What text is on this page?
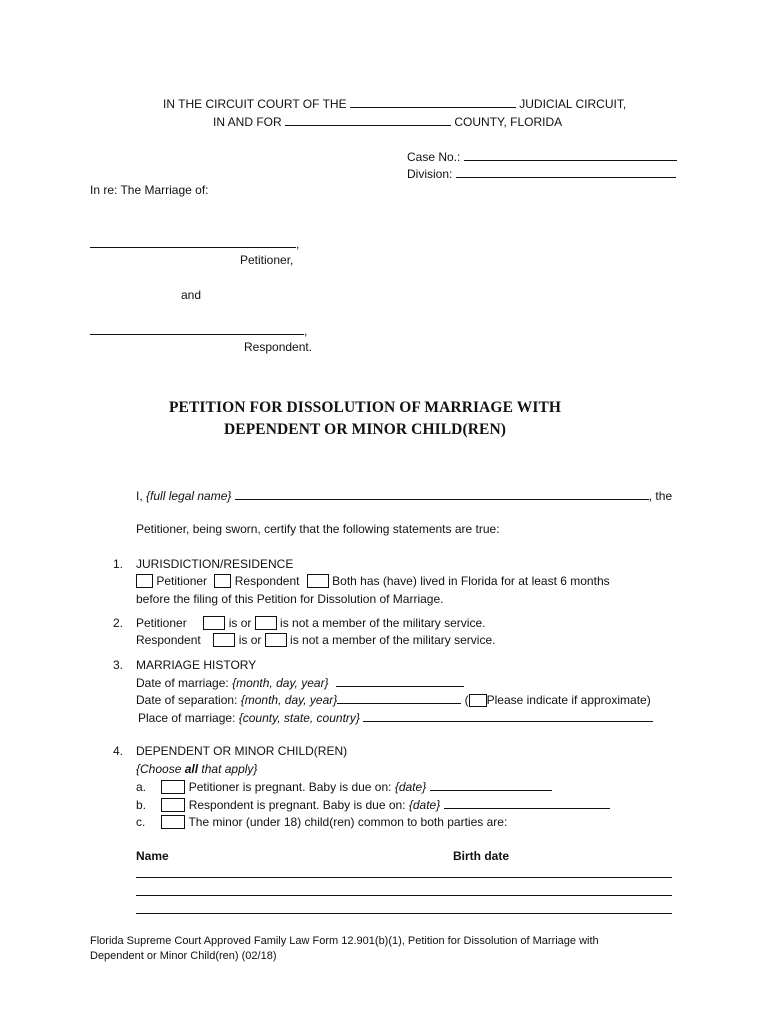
IN THE CIRCUIT COURT OF THE	JUDICIAL CIRCUIT,
IN AND FOR	COUNTY, FLORIDA
Case No.:
Division:
In re: The Marriage of:
,
Petitioner,
and
,
Respondent.
PETITION FOR DISSOLUTION OF MARRIAGE WITH
DEPENDENT OR MINOR CHILD(REN)
I, {full legal name}	, the
Petitioner, being sworn, certify that the following statements are true:
1. JURISDICTION/RESIDENCE
Petitioner Respondent	Both has (have) lived in Florida for at least 6 months
before the filing of this Petition for Dissolution of Marriage.
2. Petitioner	is or is not a member of the military service.
Respondent	is or is not a member of the military service.
3. MARRIAGE HISTORY
Date of marriage: {month, day, year}
Date of separation: {month, day, year}	( Please indicate if approximate)
Place of marriage: {county, state, country}
4. DEPENDENT OR MINOR CHILD(REN)
{Choose all that apply}
a.	Petitioner is pregnant. Baby is due on: {date}
b.	Respondent is pregnant. Baby is due on: {date}
c.	The minor (under 18) child(ren) common to both parties are:
Name	Birth date
Florida Supreme Court Approved Family Law Form 12.901(b)(1), Petition for Dissolution of Marriage with
Dependent or Minor Child(ren) (02/18)
